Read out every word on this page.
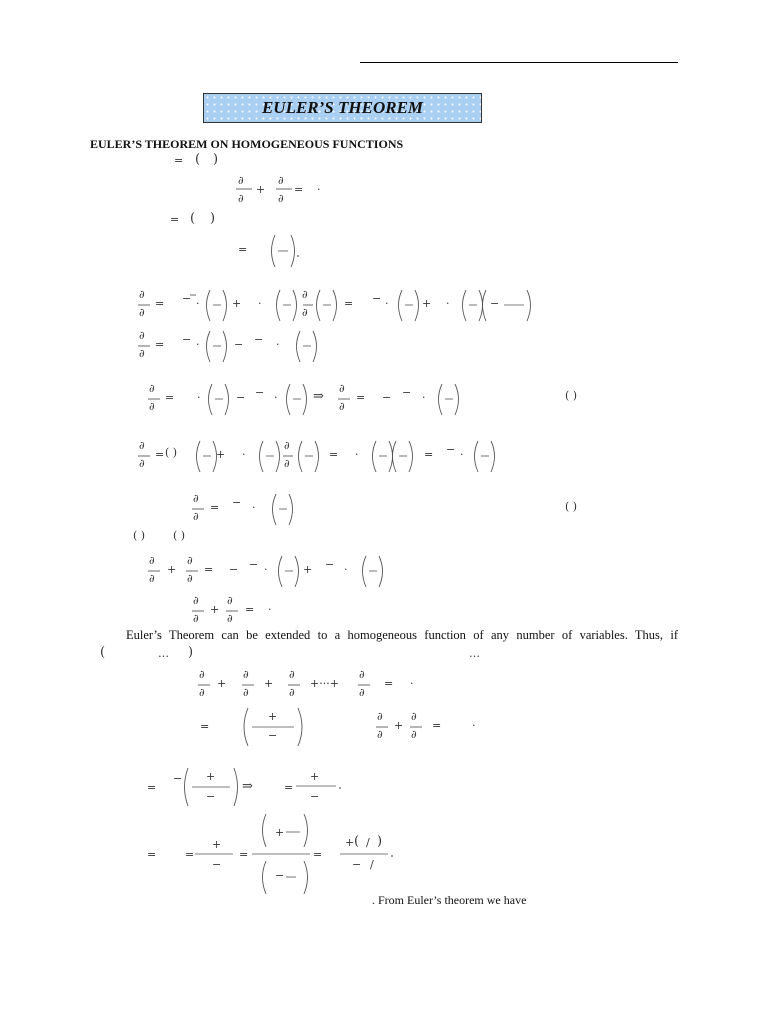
EULER’S THEOREM
EULER’S THEOREM ON HOMOGENEOUS FUNCTIONS
= ( )
∂
∂
+
∂
∂
= ·
= ( )
=
∂
∂
= − ·	+ ·
∂
∂
= − ·	+ ·	−
∂
∂
= − ·	− − ·
∂
∂
= ·	− − ·	⇒
∂
∂
= − − ·	( )
∂
∂
= ( )	+ ·
∂
∂
= ·	= − ·
∂
∂
= − ·	( )
( )	( )
∂
∂
+
∂
∂
= − − ·	+ − ·
∂
∂
+
∂
∂
= ·
Euler’s Theorem can be extended to a homogeneous function of any number of variables. Thus, if
(	… )	…
∂
∂
+
∂
∂
+
∂
∂
+···+
∂
∂
= ·
=
+
−
∂
∂
+
∂
∂
=	·
=
− +
−
⇒	=
+
−
=	=
+
−
=
+
−
=
+ ( / )
− /
. From Euler’s theorem we have
